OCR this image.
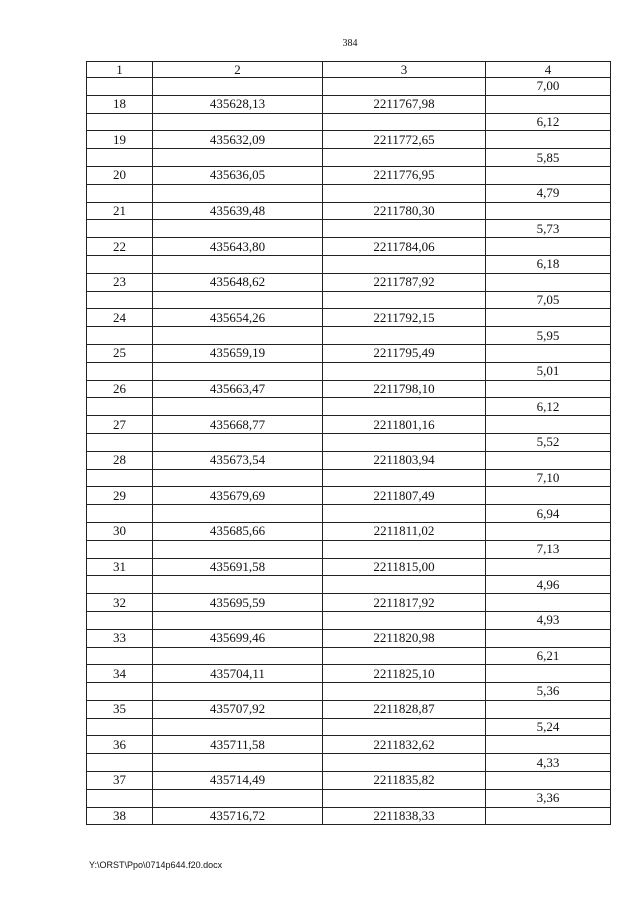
384
1	2	3	4
			7,00
18	435628,13	2211767,98	
			6,12
19	435632,09	2211772,65	
			5,85
20	435636,05	2211776,95	
			4,79
21	435639,48	2211780,30	
			5,73
22	435643,80	2211784,06	
			6,18
23	435648,62	2211787,92	
			7,05
24	435654,26	2211792,15	
			5,95
25	435659,19	2211795,49	
			5,01
26	435663,47	2211798,10	
			6,12
27	435668,77	2211801,16	
			5,52
28	435673,54	2211803,94	
			7,10
29	435679,69	2211807,49	
			6,94
30	435685,66	2211811,02	
			7,13
31	435691,58	2211815,00	
			4,96
32	435695,59	2211817,92	
			4,93
33	435699,46	2211820,98	
			6,21
34	435704,11	2211825,10	
			5,36
35	435707,92	2211828,87	
			5,24
36	435711,58	2211832,62	
			4,33
37	435714,49	2211835,82	
			3,36
38	435716,72	2211838,33	
Y:\ORST\Ppo\0714p644.f20.docx
